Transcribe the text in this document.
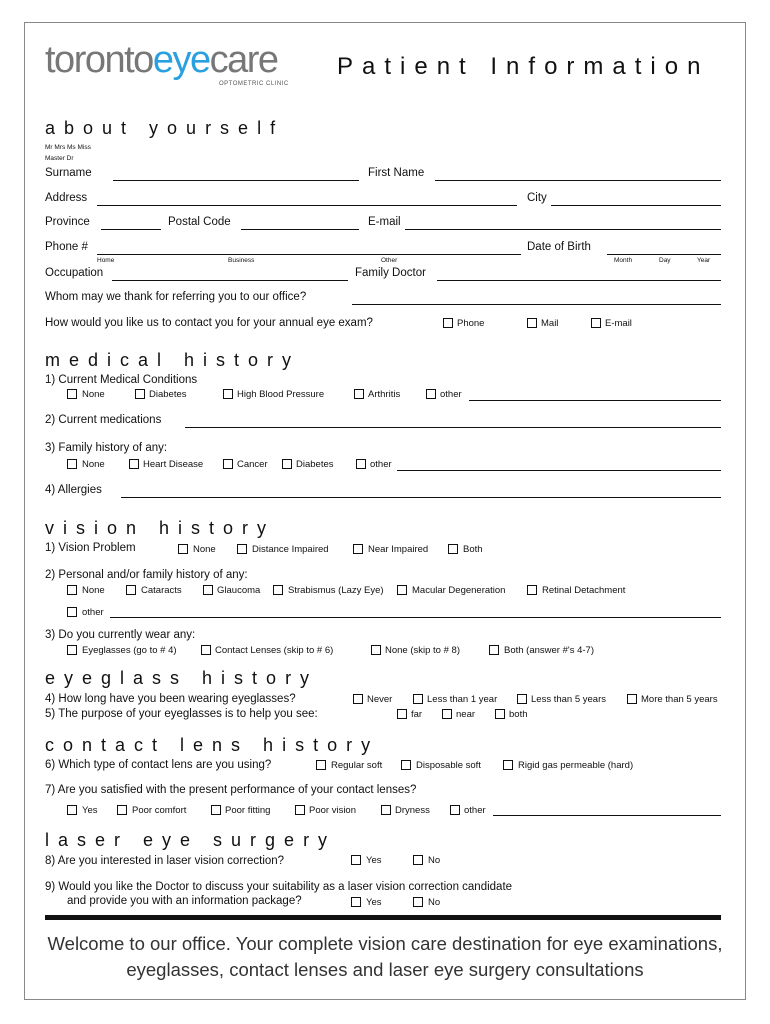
torontoeyecare
OPTOMETRIC CLINIC
Patient Information
about yourself
Mr Mrs Ms Miss
Master Dr
Surname	First Name
Address	City
Province	Postal Code	E-mail
Phone #
Home	Business	Other
Date of Birth
Month	Day	Year
Occupation	Family Doctor
Whom may we thank for referring you to our office?
How would you like us to contact you for your annual eye exam?	Phone	Mail	E-mail
medical history
1) Current Medical Conditions
None	Diabetes	High Blood Pressure	Arthritis	other
2) Current medications
3) Family history of any:
None	Heart Disease	Cancer	Diabetes	other
4) Allergies
vision history
1) Vision Problem	None	Distance Impaired	Near Impaired	Both
2) Personal and/or family history of any:
None	Cataracts	Glaucoma	Strabismus (Lazy Eye)	Macular Degeneration	Retinal Detachment
other
3) Do you currently wear any:
Eyeglasses (go to # 4)	Contact Lenses (skip to # 6)	None (skip to # 8)	Both (answer #'s 4-7)
eyeglass history
4) How long have you been wearing eyeglasses?	Never	Less than 1 year	Less than 5 years	More than 5 years
5) The purpose of your eyeglasses is to help you see:	far	near	both
contact lens history
6) Which type of contact lens are you using?	Regular soft	Disposable soft	Rigid gas permeable (hard)
7) Are you satisfied with the present performance of your contact lenses?
Yes	Poor comfort	Poor fitting	Poor vision	Dryness	other
laser eye surgery
8) Are you interested in laser vision correction?	Yes	No
9) Would you like the Doctor to discuss your suitability as a laser vision correction candidate
and provide you with an information package?	Yes	No
Welcome to our office. Your complete vision care destination for eye examinations, eyeglasses, contact lenses and laser eye surgery consultations
